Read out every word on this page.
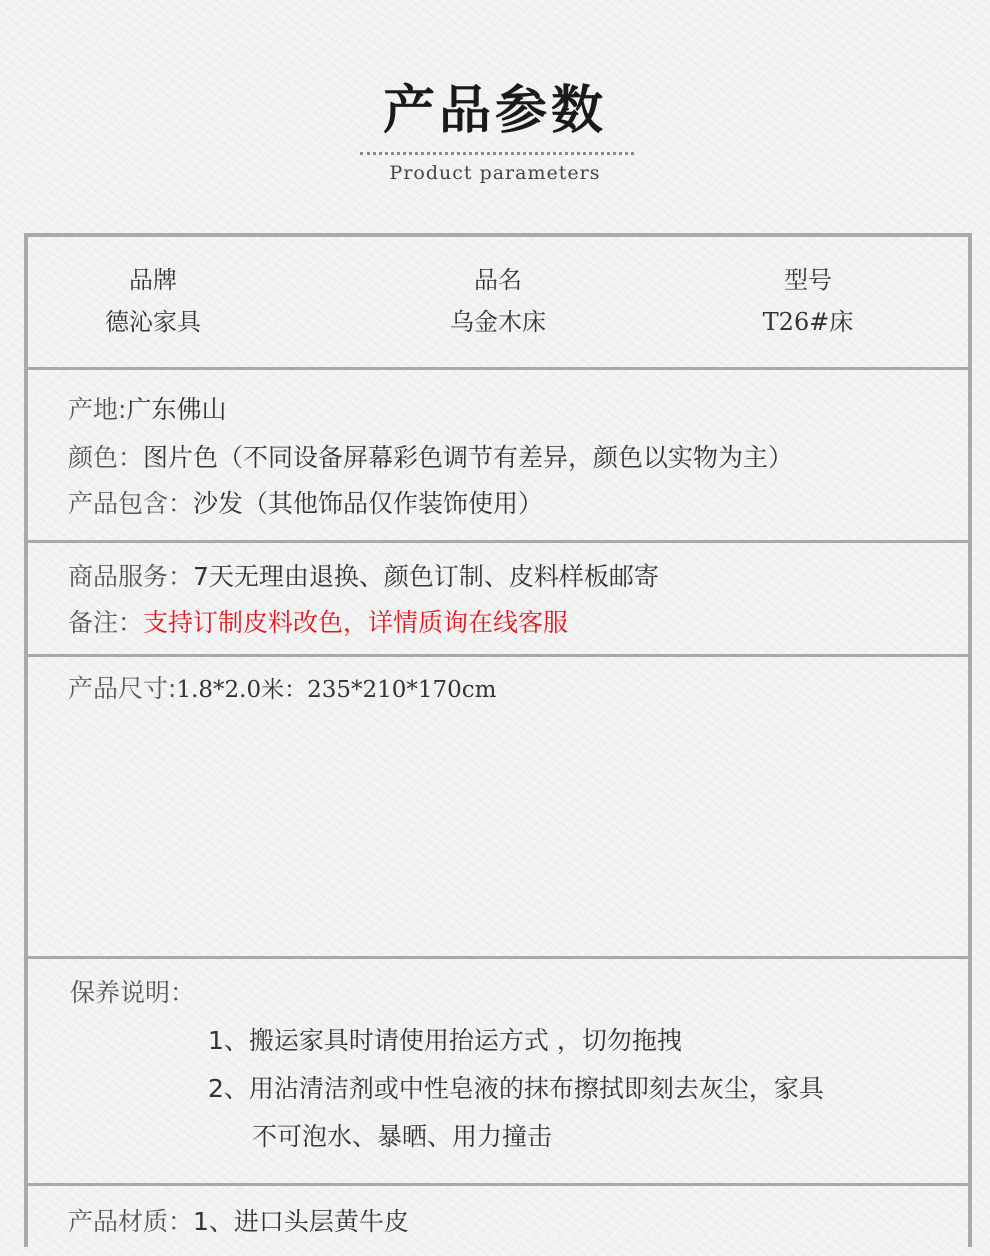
产品参数
Product parameters
品牌
德沁家具
品名
乌金木床
型号
T26#床
产地:广东佛山
颜色：图片色（不同设备屏幕彩色调节有差异，颜色以实物为主）
产品包含：沙发（其他饰品仅作装饰使用）
商品服务：7天无理由退换、颜色订制、皮料样板邮寄
备注：支持订制皮料改色，详情质询在线客服
产品尺寸:1.8*2.0米：235*210*170cm
保养说明：
1、搬运家具时请使用抬运方式 ，切勿拖拽
2、用沾清洁剂或中性皂液的抹布擦拭即刻去灰尘，家具
不可泡水、暴晒、用力撞击
产品材质：1、进口头层黄牛皮
